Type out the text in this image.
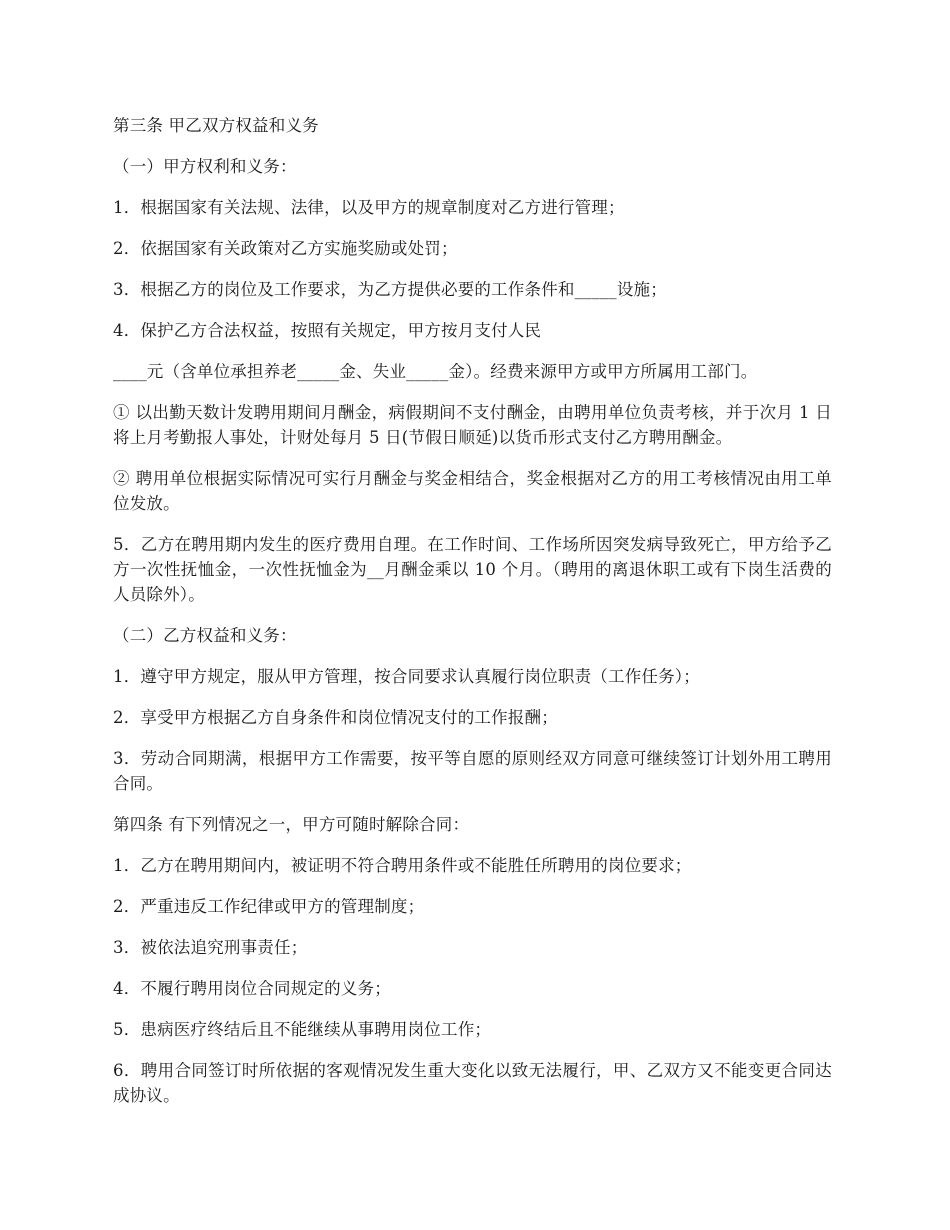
第三条 甲乙双方权益和义务

（一）甲方权利和义务：

1．根据国家有关法规、法律，以及甲方的规章制度对乙方进行管理；

2．依据国家有关政策对乙方实施奖励或处罚；

3．根据乙方的岗位及工作要求，为乙方提供必要的工作条件和_____设施；

4．保护乙方合法权益，按照有关规定，甲方按月支付人民

____元（含单位承担养老_____金、失业_____金）。经费来源甲方或甲方所属用工部门。

① 以出勤天数计发聘用期间月酬金，病假期间不支付酬金，由聘用单位负责考核，并于次月 1 日将上月考勤报人事处，计财处每月 5 日(节假日顺延)以货币形式支付乙方聘用酬金。

② 聘用单位根据实际情况可实行月酬金与奖金相结合，奖金根据对乙方的用工考核情况由用工单位发放。

5．乙方在聘用期内发生的医疗费用自理。在工作时间、工作场所因突发病导致死亡，甲方给予乙方一次性抚恤金，一次性抚恤金为__月酬金乘以 10 个月。（聘用的离退休职工或有下岗生活费的人员除外）。

（二）乙方权益和义务：

1．遵守甲方规定，服从甲方管理，按合同要求认真履行岗位职责（工作任务）；

2．享受甲方根据乙方自身条件和岗位情况支付的工作报酬；

3．劳动合同期满，根据甲方工作需要，按平等自愿的原则经双方同意可继续签订计划外用工聘用合同。

第四条 有下列情况之一，甲方可随时解除合同：

1．乙方在聘用期间内，被证明不符合聘用条件或不能胜任所聘用的岗位要求；

2．严重违反工作纪律或甲方的管理制度；

3．被依法追究刑事责任；

4．不履行聘用岗位合同规定的义务；

5．患病医疗终结后且不能继续从事聘用岗位工作；

6．聘用合同签订时所依据的客观情况发生重大变化以致无法履行，甲、乙双方又不能变更合同达成协议。
